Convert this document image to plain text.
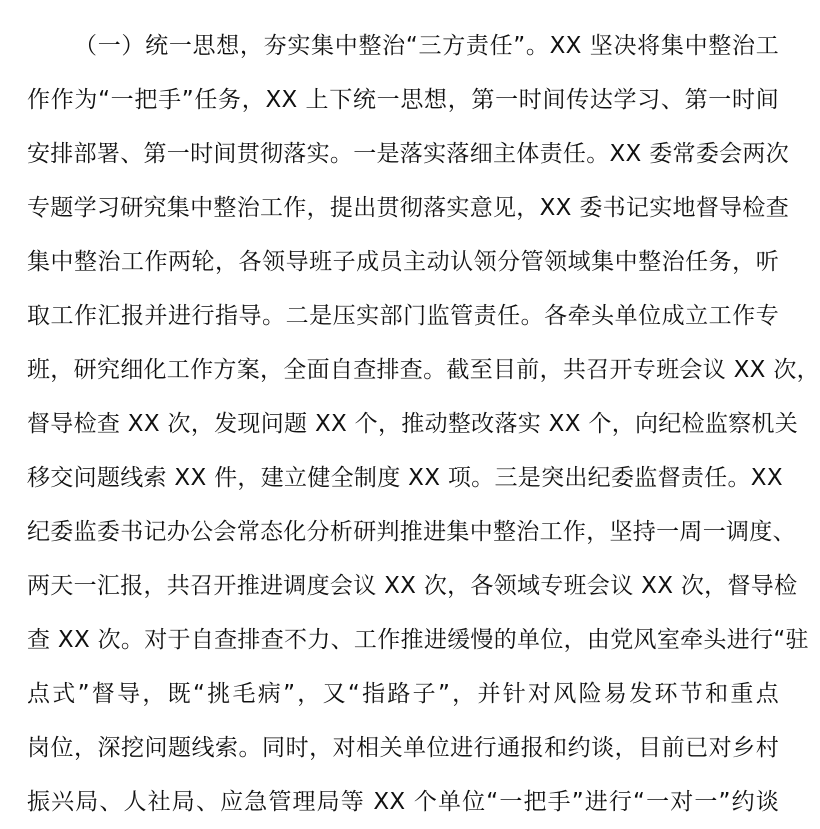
（一）统一思想，夯实集中整治“三方责任”。XX 坚决将集中整治工
作作为“一把手”任务，XX 上下统一思想，第一时间传达学习、第一时间
安排部署、第一时间贯彻落实。一是落实落细主体责任。XX 委常委会两次
专题学习研究集中整治工作，提出贯彻落实意见，XX 委书记实地督导检查
集中整治工作两轮，各领导班子成员主动认领分管领域集中整治任务，听
取工作汇报并进行指导。二是压实部门监管责任。各牵头单位成立工作专
班，研究细化工作方案，全面自查排查。截至目前，共召开专班会议 XX 次，
督导检查 XX 次，发现问题 XX 个，推动整改落实 XX 个，向纪检监察机关
移交问题线索 XX 件，建立健全制度 XX 项。三是突出纪委监督责任。XX
纪委监委书记办公会常态化分析研判推进集中整治工作，坚持一周一调度、
两天一汇报，共召开推进调度会议 XX 次，各领域专班会议 XX 次，督导检
查 XX 次。对于自查排查不力、工作推进缓慢的单位，由党风室牵头进行“驻
点式”督导，既“挑毛病”，又“指路子”，并针对风险易发环节和重点
岗位，深挖问题线索。同时，对相关单位进行通报和约谈，目前已对乡村
振兴局、人社局、应急管理局等 XX 个单位“一把手”进行“一对一”约谈
